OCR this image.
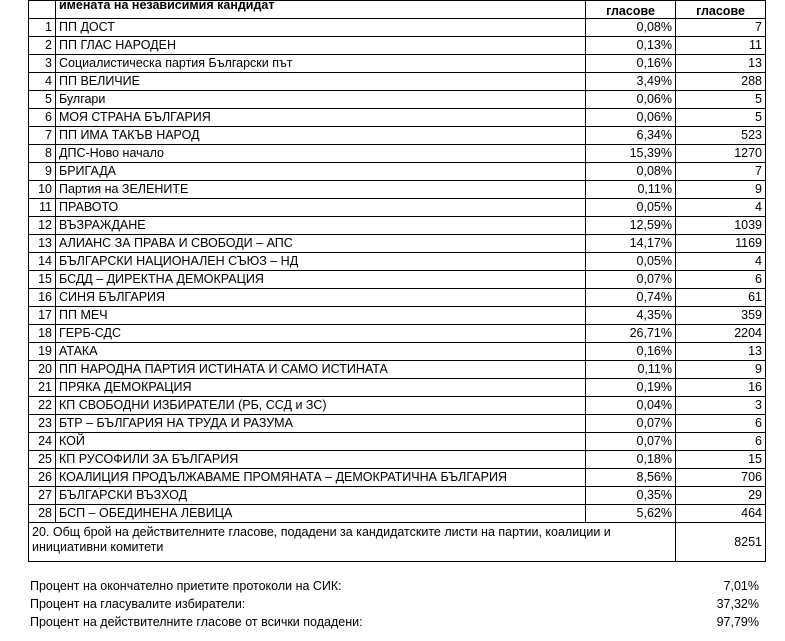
	имената на независимия кандидат	гласове	гласове
1	ПП ДОСТ	0,08%	7
2	ПП ГЛАС НАРОДЕН	0,13%	11
3	Социалистическа партия Български път	0,16%	13
4	ПП ВЕЛИЧИЕ	3,49%	288
5	Булгари	0,06%	5
6	МОЯ СТРАНА БЪЛГАРИЯ	0,06%	5
7	ПП ИМА ТАКЪВ НАРОД	6,34%	523
8	ДПС-Ново начало	15,39%	1270
9	БРИГАДА	0,08%	7
10	Партия на ЗЕЛЕНИТЕ	0,11%	9
11	ПРАВОТО	0,05%	4
12	ВЪЗРАЖДАНЕ	12,59%	1039
13	АЛИАНС ЗА ПРАВА И СВОБОДИ – АПС	14,17%	1169
14	БЪЛГАРСКИ НАЦИОНАЛЕН СЪЮЗ – НД	0,05%	4
15	БСДД – ДИРЕКТНА ДЕМОКРАЦИЯ	0,07%	6
16	СИНЯ БЪЛГАРИЯ	0,74%	61
17	ПП МЕЧ	4,35%	359
18	ГЕРБ-СДС	26,71%	2204
19	АТАКА	0,16%	13
20	ПП НАРОДНА ПАРТИЯ ИСТИНАТА И САМО ИСТИНАТА	0,11%	9
21	ПРЯКА ДЕМОКРАЦИЯ	0,19%	16
22	КП СВОБОДНИ ИЗБИРАТЕЛИ (РБ, ССД и ЗС)	0,04%	3
23	БТР – БЪЛГАРИЯ НА ТРУДА И РАЗУМА	0,07%	6
24	КОЙ	0,07%	6
25	КП РУСОФИЛИ ЗА БЪЛГАРИЯ	0,18%	15
26	КОАЛИЦИЯ ПРОДЪЛЖАВАМЕ ПРОМЯНАТА – ДЕМОКРАТИЧНА БЪЛГАРИЯ	8,56%	706
27	БЪЛГАРСКИ ВЪЗХОД	0,35%	29
28	БСП – ОБЕДИНЕНА ЛЕВИЦА	5,62%	464
20. Общ брой на действителните гласове, подадени за кандидатските листи на партии, коалиции и инициативни комитети			8251
Процент на окончателно приетите протоколи на СИК:	7,01%
Процент на гласувалите избиратели:	37,32%
Процент на действителните гласове от всички подадени:	97,79%
